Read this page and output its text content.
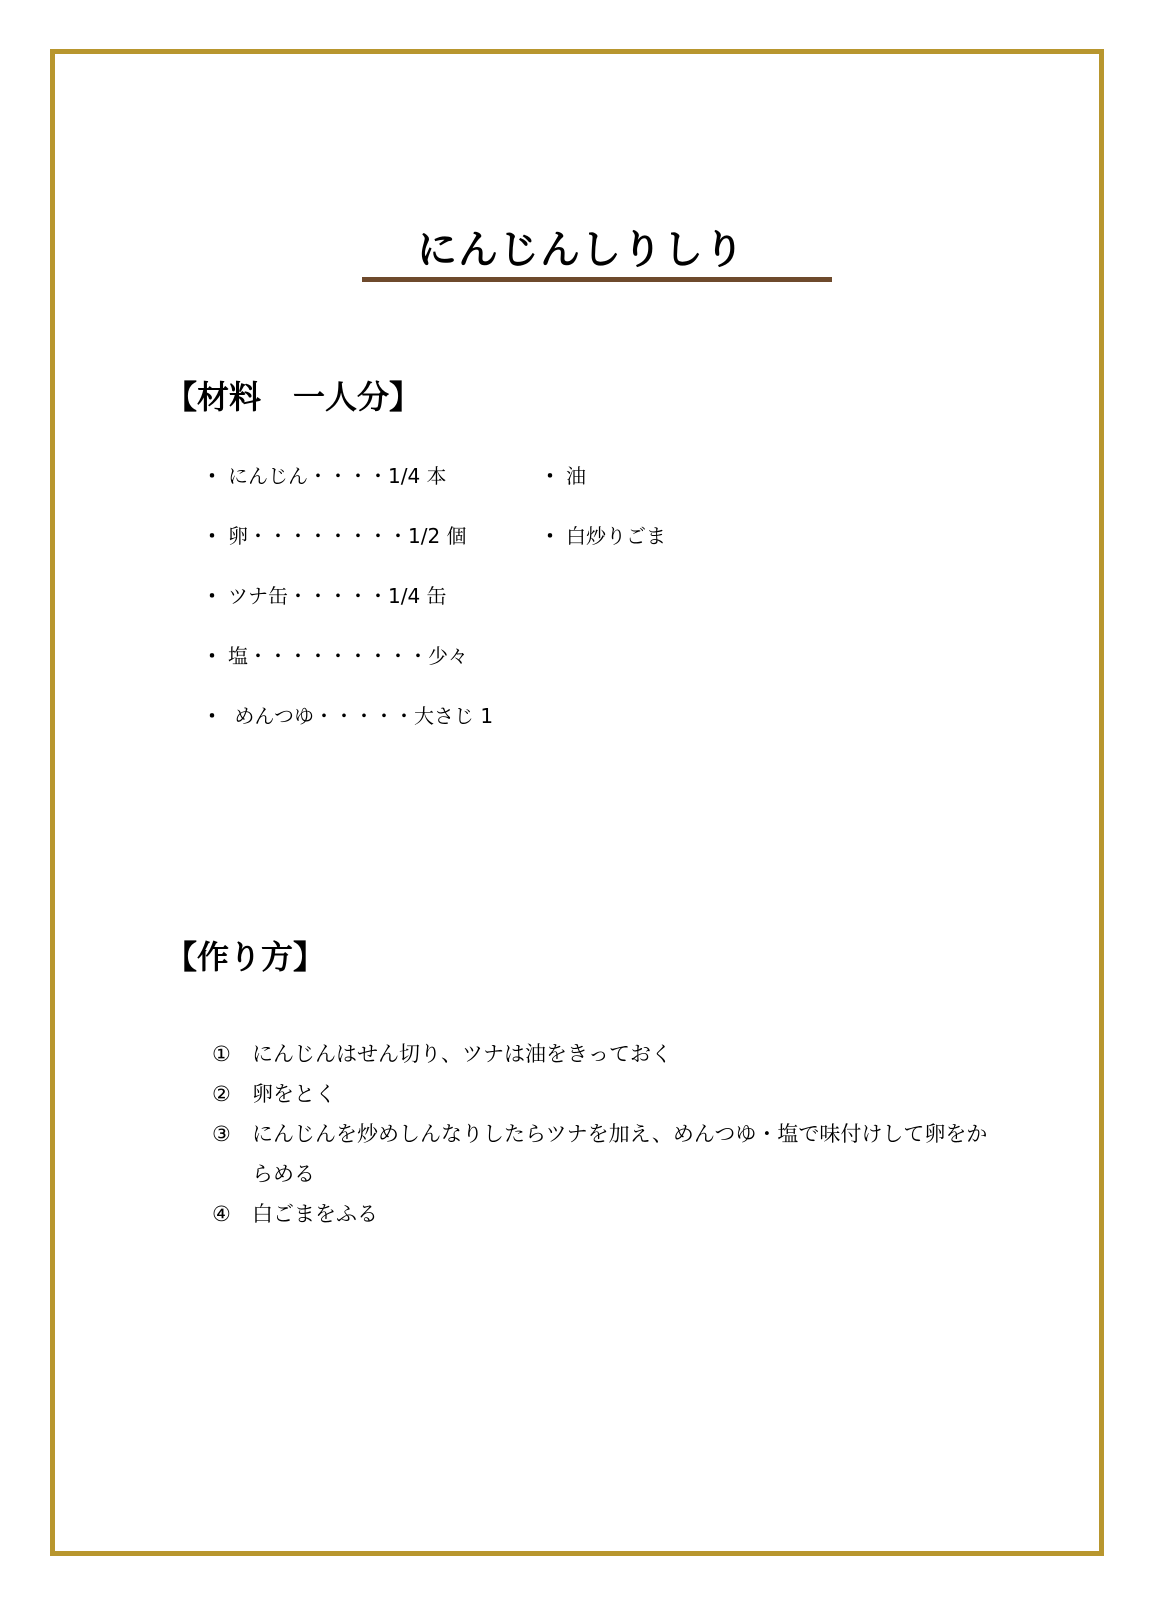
にんじんしりしり
【材料　一人分】
・ にんじん・・・・1/4 本
・ 卵・・・・・・・・1/2 個
・ ツナ缶・・・・・1/4 缶
・ 塩・・・・・・・・・少々
・ めんつゆ・・・・・大さじ 1
・ 油
・ 白炒りごま
【作り方】
①	にんじんはせん切り、ツナは油をきっておく
②	卵をとく
③	にんじんを炒めしんなりしたらツナを加え、めんつゆ・塩で味付けして卵をからめる
④	白ごまをふる
